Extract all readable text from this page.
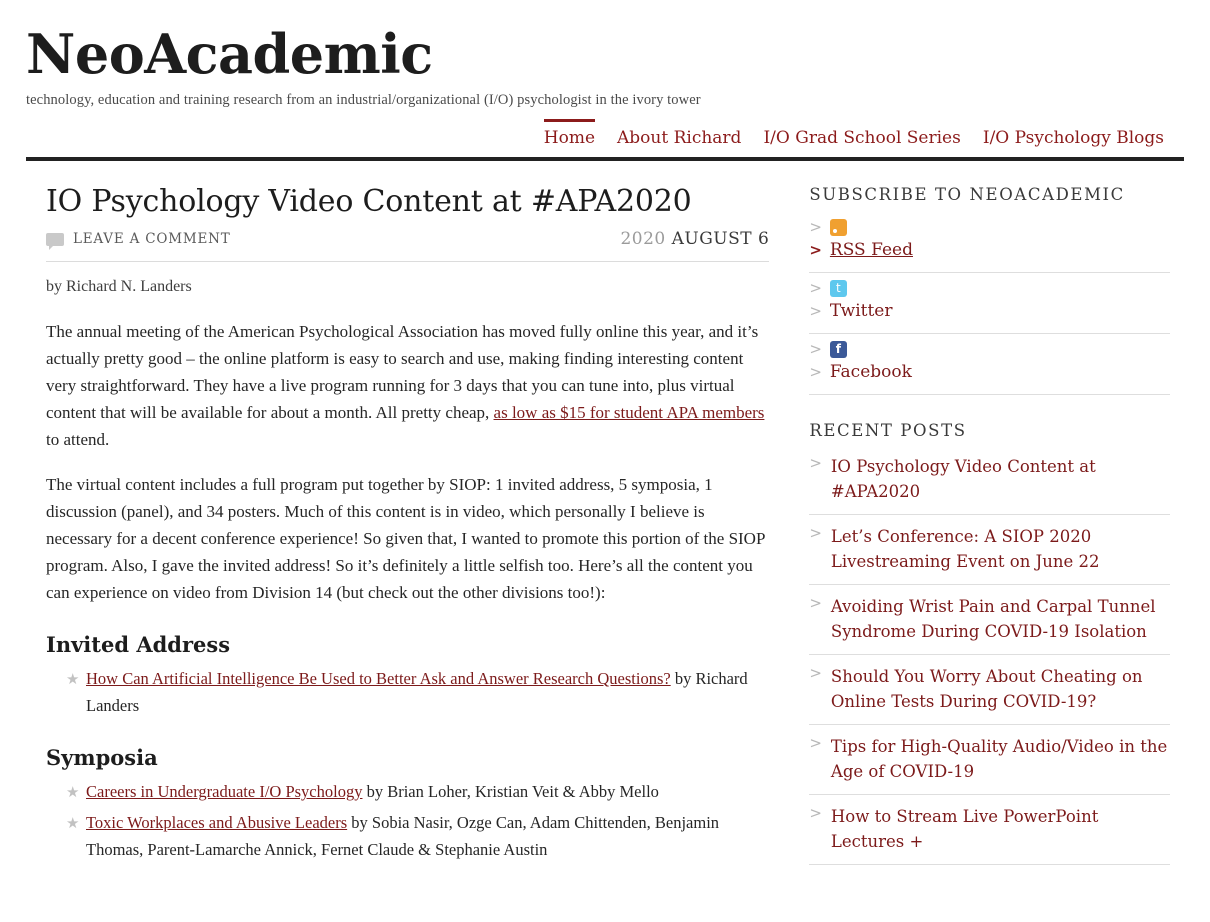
NeoAcademic
technology, education and training research from an industrial/organizational (I/O) psychologist in the ivory tower
Home About Richard I/O Grad School Series I/O Psychology Blogs
IO Psychology Video Content at #APA2020
LEAVE A COMMENT	2020 AUGUST 6
by Richard N. Landers

The annual meeting of the American Psychological Association has moved fully online this year, and it’s actually pretty good – the online platform is easy to search and use, making finding interesting content very straightforward. They have a live program running for 3 days that you can tune into, plus virtual content that will be available for about a month. All pretty cheap, as low as $15 for student APA members to attend.

The virtual content includes a full program put together by SIOP: 1 invited address, 5 symposia, 1 discussion (panel), and 34 posters. Much of this content is in video, which personally I believe is necessary for a decent conference experience! So given that, I wanted to promote this portion of the SIOP program. Also, I gave the invited address! So it’s definitely a little selfish too. Here’s all the content you can experience on video from Division 14 (but check out the other divisions too!):

Invited Address
★ How Can Artificial Intelligence Be Used to Better Ask and Answer Research Questions? by Richard Landers
Symposia
★ Careers in Undergraduate I/O Psychology by Brian Loher, Kristian Veit & Abby Mello
★ Toxic Workplaces and Abusive Leaders by Sobia Nasir, Ozge Can, Adam Chittenden, Benjamin Thomas, Parent-Lamarche Annick, Fernet Claude & Stephanie Austin
SUBSCRIBE TO NEOACADEMIC
>
> RSS Feed
>	t
> Twitter
>	f
> Facebook
RECENT POSTS
> IO Psychology Video Content at #APA2020
> Let’s Conference: A SIOP 2020 Livestreaming Event on June 22
> Avoiding Wrist Pain and Carpal Tunnel Syndrome During COVID-19 Isolation
> Should You Worry About Cheating on Online Tests During COVID-19?
> Tips for High-Quality Audio/Video in the Age of COVID-19
> How to Stream Live PowerPoint Lectures +
